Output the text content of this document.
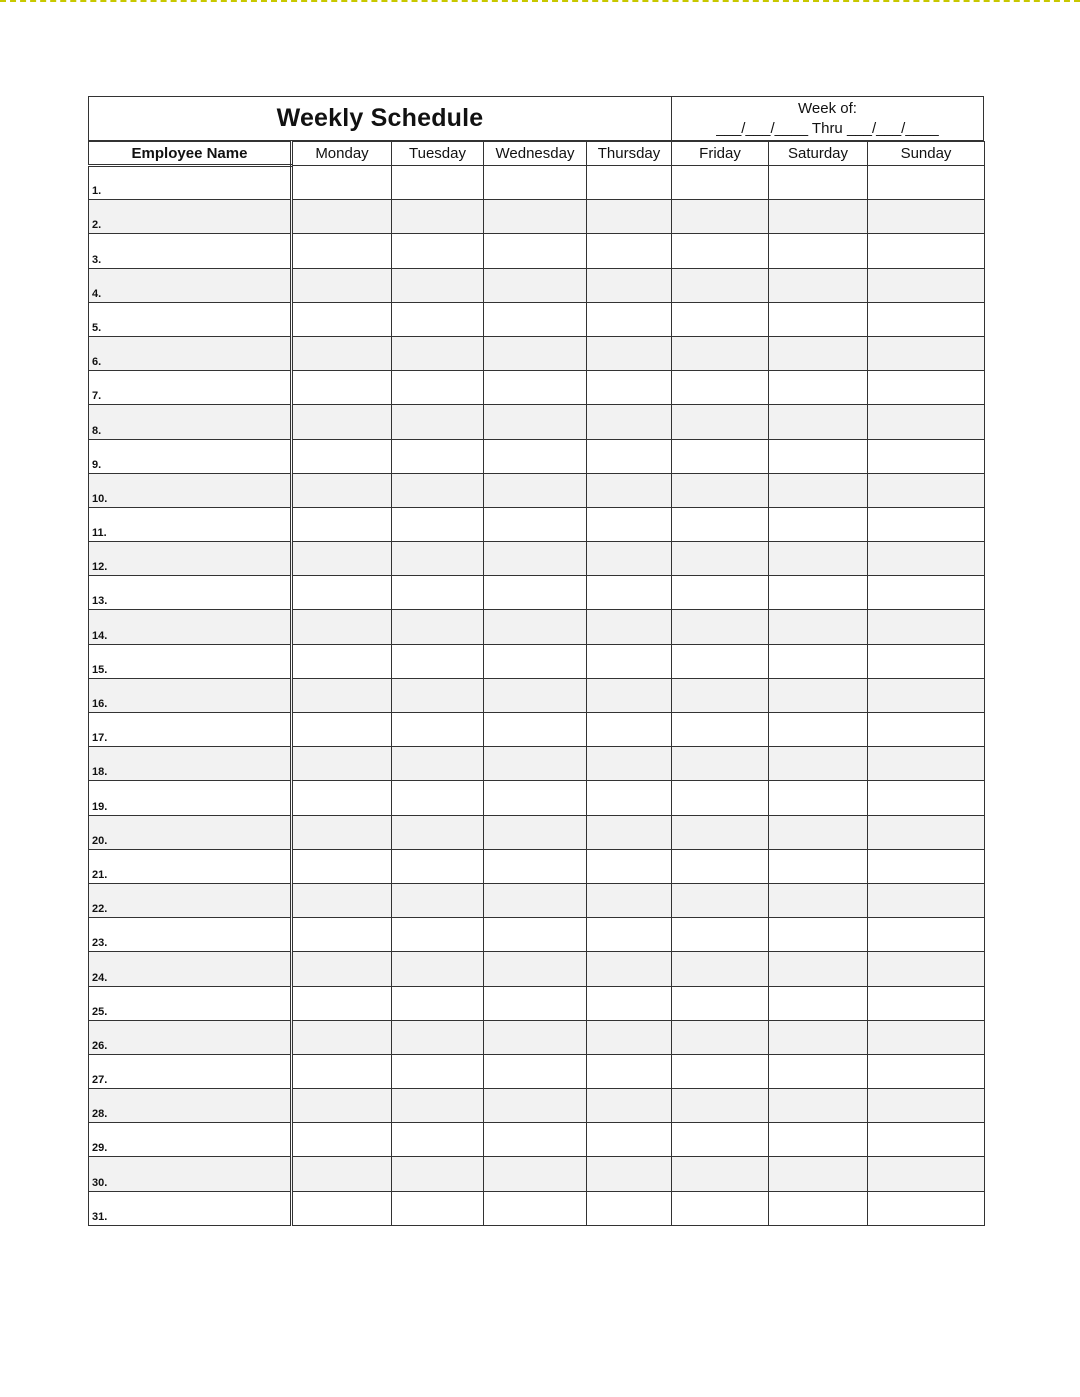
Weekly Schedule	Week of:
___/___/____ Thru ___/___/____
Employee Name	Monday	Tuesday	Wednesday	Thursday	Friday	Saturday	Sunday
1.							
2.							
3.							
4.							
5.							
6.							
7.							
8.							
9.							
10.							
11.							
12.							
13.							
14.							
15.							
16.							
17.							
18.							
19.							
20.							
21.							
22.							
23.							
24.							
25.							
26.							
27.							
28.							
29.							
30.							
31.							
